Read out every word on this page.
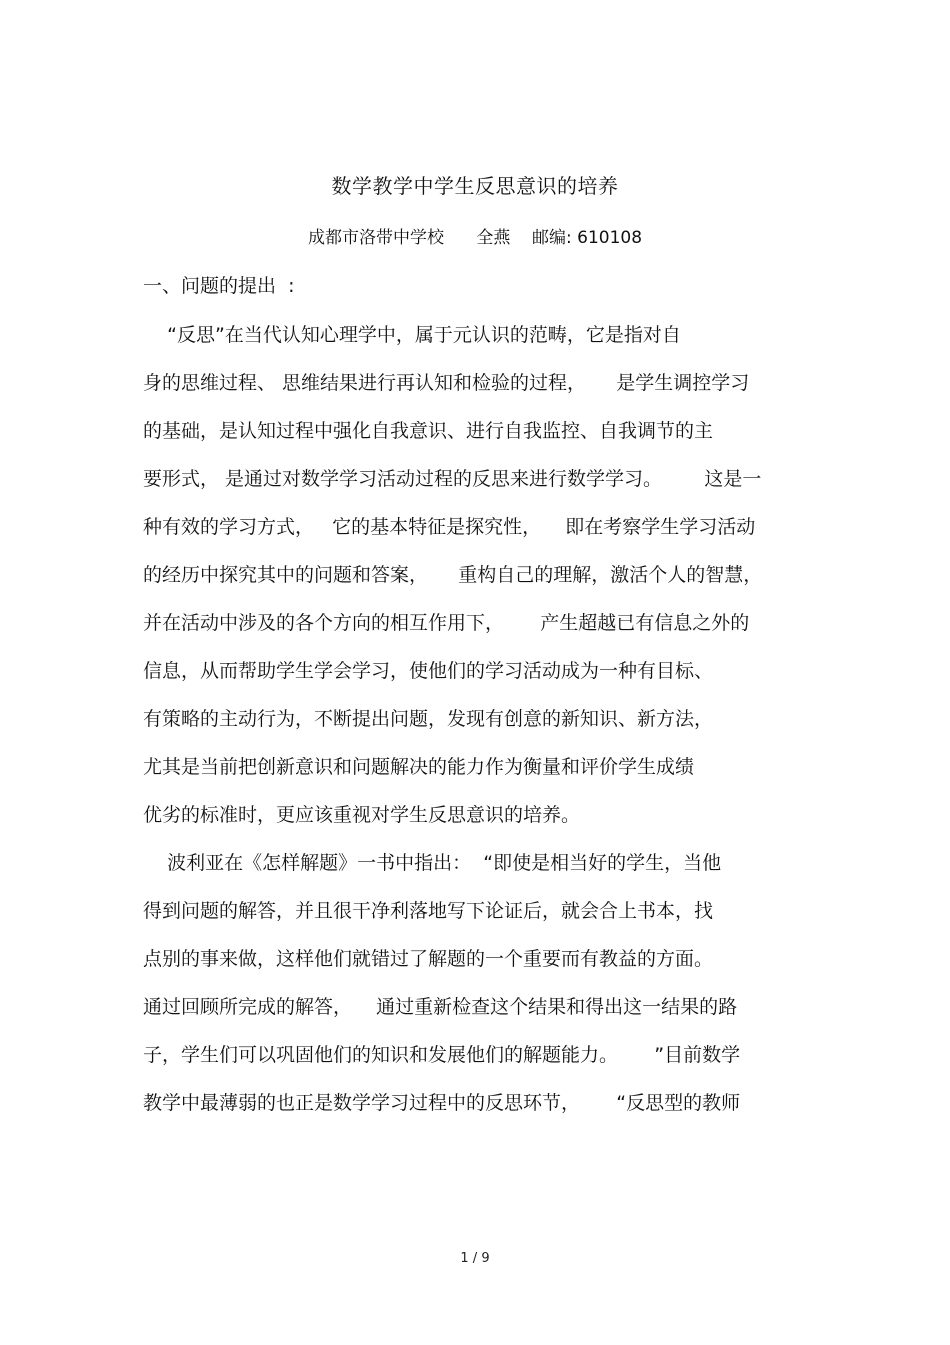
数学教学中学生反思意识的培养
成都市洛带中学校      全燕    邮编: 610108
一、问题的提出  :
“反思”在当代认知心理学中，属于元认识的范畴，它是指对自
身的思维过程、 思维结果进行再认知和检验的过程，     是学生调控学习
的基础，是认知过程中强化自我意识、进行自我监控、自我调节的主
要形式， 是通过对数学学习活动过程的反思来进行数学学习。       这是一
种有效的学习方式，   它的基本特征是探究性，    即在考察学生学习活动
的经历中探究其中的问题和答案，     重构自己的理解，激活个人的智慧，
并在活动中涉及的各个方向的相互作用下，      产生超越已有信息之外的
信息，从而帮助学生学会学习，使他们的学习活动成为一种有目标、
有策略的主动行为，不断提出问题，发现有创意的新知识、新方法，
尤其是当前把创新意识和问题解决的能力作为衡量和评价学生成绩
优劣的标准时，更应该重视对学生反思意识的培养。
波利亚在《怎样解题》一书中指出：  “即使是相当好的学生，当他
得到问题的解答，并且很干净利落地写下论证后，就会合上书本，找
点别的事来做，这样他们就错过了解题的一个重要而有教益的方面。
通过回顾所完成的解答，    通过重新检查这个结果和得出这一结果的路
子，学生们可以巩固他们的知识和发展他们的解题能力。      ”目前数学
教学中最薄弱的也正是数学学习过程中的反思环节，      “反思型的教师
1 / 9
